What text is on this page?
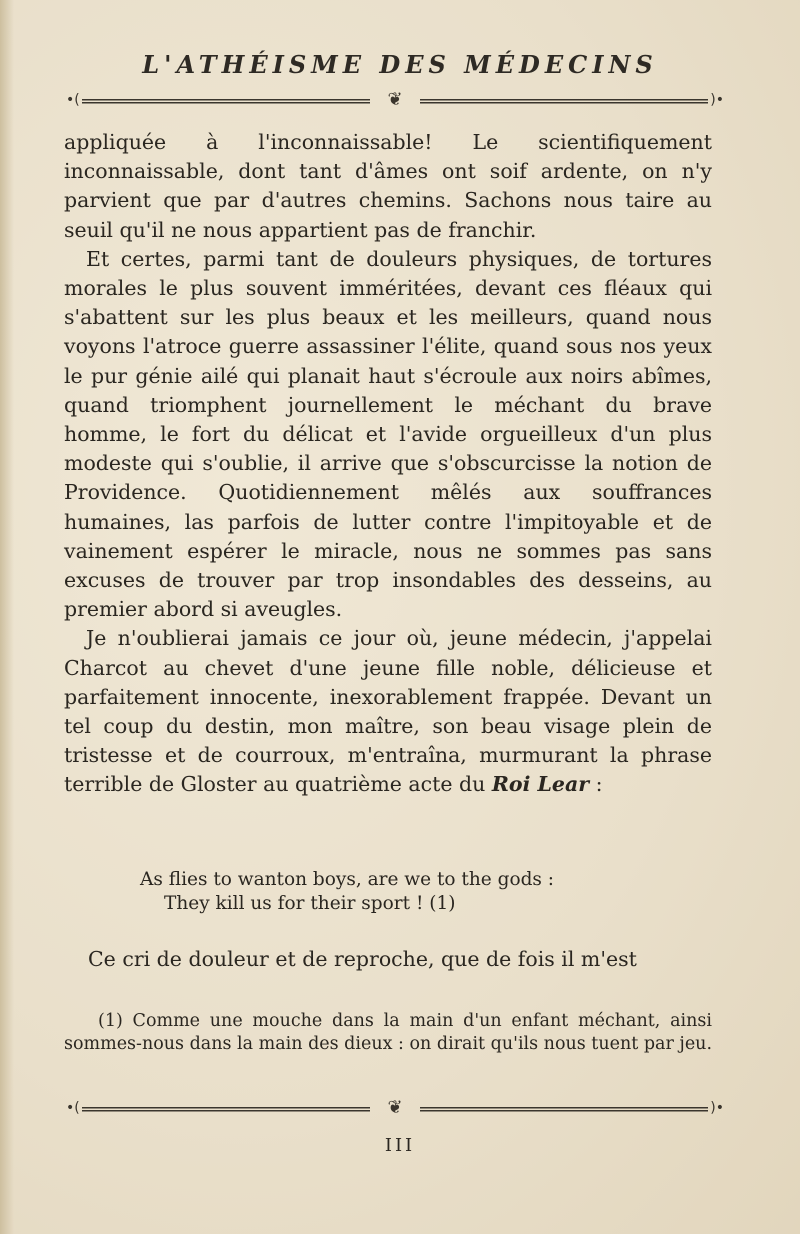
L'ATHÉISME DES MÉDECINS
•(	❦	)•

appliquée à l'inconnaissable! Le scientifiquement inconnaissable, dont tant d'âmes ont soif ardente, on n'y parvient que par d'autres chemins. Sachons nous taire au seuil qu'il ne nous appartient pas de franchir.

Et certes, parmi tant de douleurs physiques, de tortures morales le plus souvent imméritées, devant ces fléaux qui s'abattent sur les plus beaux et les meilleurs, quand nous voyons l'atroce guerre assassiner l'élite, quand sous nos yeux le pur génie ailé qui planait haut s'écroule aux noirs abîmes, quand triomphent journellement le méchant du brave homme, le fort du délicat et l'avide orgueilleux d'un plus modeste qui s'oublie, il arrive que s'obscurcisse la notion de Providence. Quotidiennement mêlés aux souffrances humaines, las parfois de lutter contre l'impitoyable et de vainement espérer le miracle, nous ne sommes pas sans excuses de trouver par trop insondables des desseins, au premier abord si aveugles.

Je n'oublierai jamais ce jour où, jeune médecin, j'appelai Charcot au chevet d'une jeune fille noble, délicieuse et parfaitement innocente, inexorablement frappée. Devant un tel coup du destin, mon maître, son beau visage plein de tristesse et de courroux, m'entraîna, murmurant la phrase terrible de Gloster au quatrième acte du Roi Lear :

As flies to wanton boys, are we to the gods :
They kill us for their sport ! (1)
Ce cri de douleur et de reproche, que de fois il m'est
(1) Comme une mouche dans la main d'un enfant méchant, ainsi sommes-nous dans la main des dieux : on dirait qu'ils nous tuent par jeu.
•(	❦	)•
III
